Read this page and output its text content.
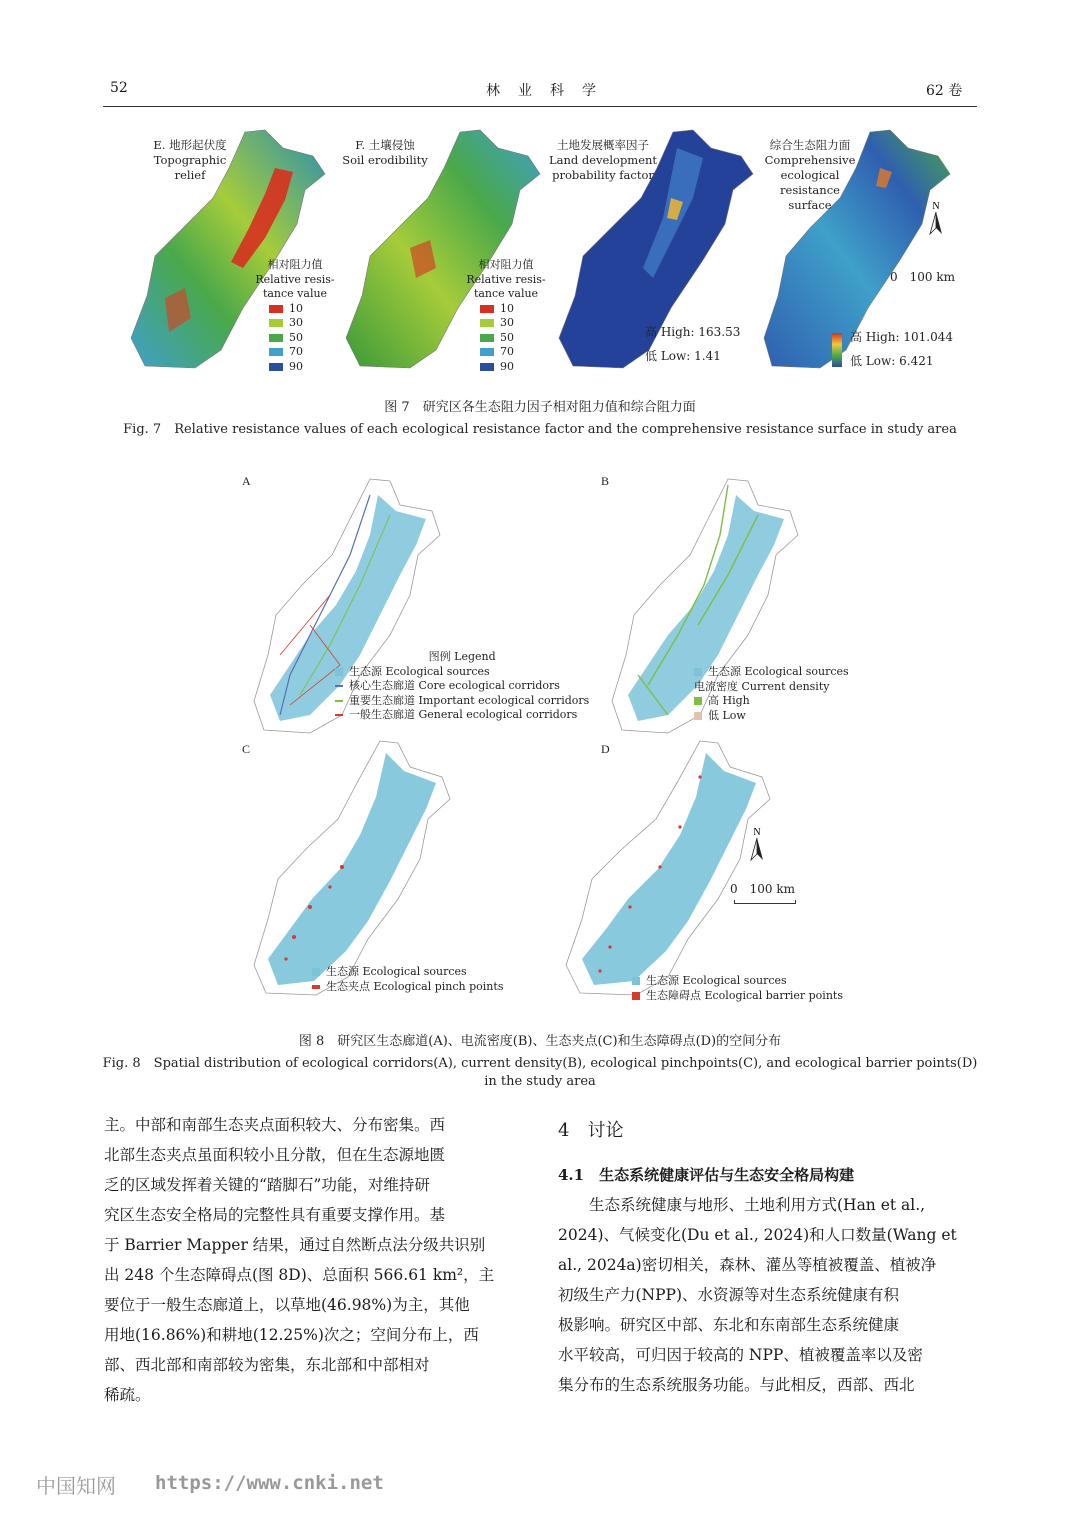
52	林　业　科　学	62 卷
E. 地形起伏度
Topographic
relief
F. 土壤侵蚀
Soil erodibility
土地发展概率因子
Land development
probability factor
综合生态阻力面
Comprehensive
ecological
resistance
surface
相对阻力值
Relative resis-
tance value
10
30
50
70
90
相对阻力值
Relative resis-
tance value
10
30
50
70
90
高 High: 163.53
低 Low: 1.41
高 High: 101.044
低 Low: 6.421
N
0　100 km
图 7　研究区各生态阻力因子相对阻力值和综合阻力面
Fig. 7　Relative resistance values of each ecological resistance factor and the comprehensive resistance surface in study area
A	B
C	D
图例 Legend
生态源 Ecological sources
核心生态廊道 Core ecological corridors
重要生态廊道 Important ecological corridors
一般生态廊道 General ecological corridors
生态源 Ecological sources
电流密度 Current density
高 High
低 Low
生态源 Ecological sources
生态夹点 Ecological pinch points	生态源 Ecological sources
生态障碍点 Ecological barrier points
N
0　100 km
图 8　研究区生态廊道(A)、电流密度(B)、生态夹点(C)和生态障碍点(D)的空间分布
Fig. 8　Spatial distribution of ecological corridors(A), current density(B), ecological pinchpoints(C), and ecological barrier points(D)
in the study area
主。中部和南部生态夹点面积较大、分布密集。西
北部生态夹点虽面积较小且分散，但在生态源地匮
乏的区域发挥着关键的“踏脚石”功能，对维持研
究区生态安全格局的完整性具有重要支撑作用。基
于 Barrier Mapper 结果，通过自然断点法分级共识别
出 248 个生态障碍点(图 8D)、总面积 566.61 km²，主
要位于一般生态廊道上，以草地(46.98%)为主，其他
用地(16.86%)和耕地(12.25%)次之；空间分布上，西
部、西北部和南部较为密集，东北部和中部相对
稀疏。
4　讨论
4.1　生态系统健康评估与生态安全格局构建
　　生态系统健康与地形、土地利用方式(Han et al.,
2024)、气候变化(Du et al., 2024)和人口数量(Wang et
al., 2024a)密切相关，森林、灌丛等植被覆盖、植被净
初级生产力(NPP)、水资源等对生态系统健康有积
极影响。研究区中部、东北和东南部生态系统健康
水平较高，可归因于较高的 NPP、植被覆盖率以及密
集分布的生态系统服务功能。与此相反，西部、西北
中国知网 https://www.cnki.net
